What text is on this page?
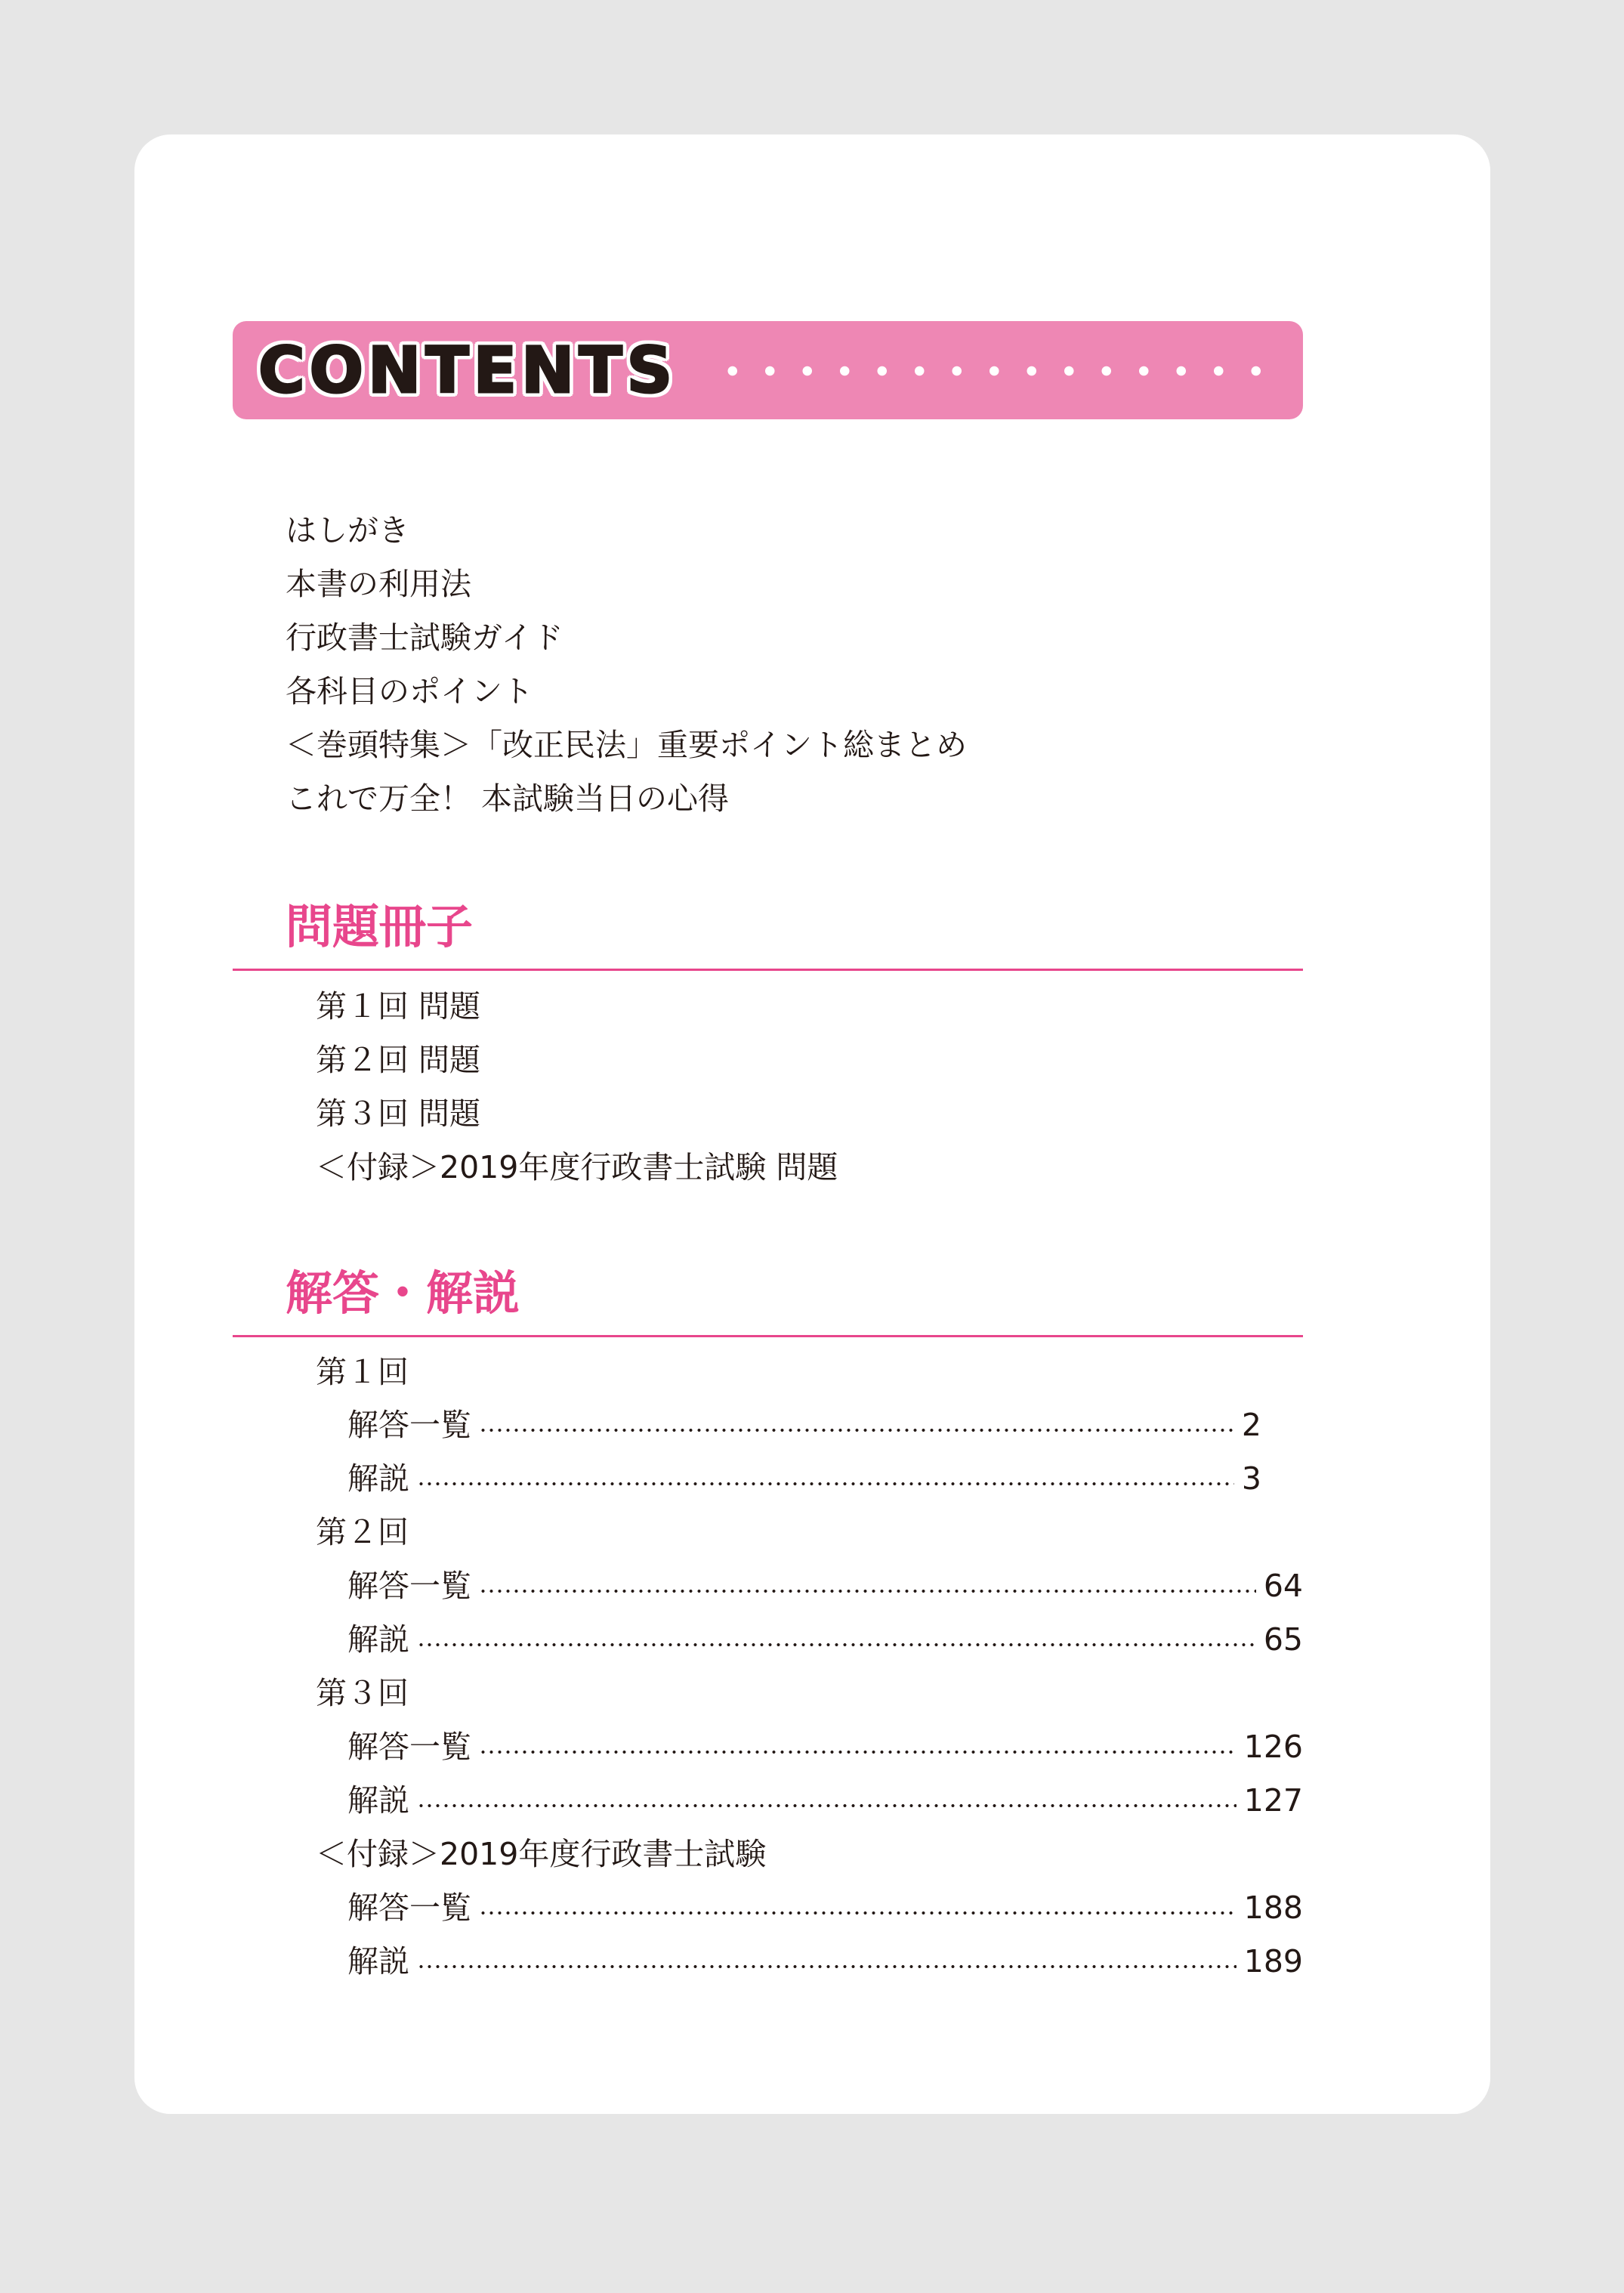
CONTENTS
はしがき
本書の利用法
行政書士試験ガイド
各科目のポイント
＜巻頭特集＞「改正民法」重要ポイント総まとめ
これで万全！ 本試験当日の心得
問題冊子
第１回 問題
第２回 問題
第３回 問題
＜付録＞2019年度行政書士試験 問題
解答・解説
第１回
解答一覧	2
解説	3
第２回
解答一覧	64
解説	65
第３回
解答一覧	126
解説	127
＜付録＞2019年度行政書士試験
解答一覧	188
解説	189
